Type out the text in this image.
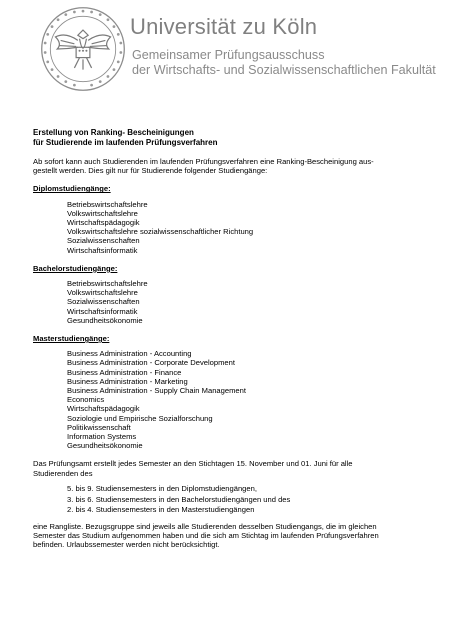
Universität zu Köln
Gemeinsamer Prüfungsausschuss
der Wirtschafts- und Sozialwissenschaftlichen Fakultät
Erstellung von Ranking- Bescheinigungen
für Studierende im laufenden Prüfungsverfahren

Ab sofort kann auch Studierenden im laufenden Prüfungsverfahren eine Ranking-Bescheinigung aus-

gestellt werden. Dies gilt nur für Studierende folgender Studiengänge:

Diplomstudiengänge:

Betriebswirtschaftslehre
Volkswirtschaftslehre
Wirtschaftspädagogik
Volkswirtschaftslehre sozialwissenschaftlicher Richtung
Sozialwissenschaften
Wirtschaftsinformatik

Bachelorstudiengänge:

Betriebswirtschaftslehre
Volkswirtschaftslehre
Sozialwissenschaften
Wirtschaftsinformatik
Gesundheitsökonomie

Masterstudiengänge:

Business Administration - Accounting
Business Administration - Corporate Development
Business Administration - Finance
Business Administration - Marketing
Business Administration - Supply Chain Management
Economics
Wirtschaftspädagogik
Soziologie und Empirische Sozialforschung
Politikwissenschaft
Information Systems
Gesundheitsökonomie

Das Prüfungsamt erstellt jedes Semester an den Stichtagen 15. November und 01. Juni für alle

Studierenden des

5. bis 9. Studiensemesters in den Diplomstudiengängen,
3. bis 6. Studiensemesters in den Bachelorstudiengängen und des
2. bis 4. Studiensemesters in den Masterstudiengängen

eine Rangliste. Bezugsgruppe sind jeweils alle Studierenden desselben Studiengangs, die im gleichen

Semester das Studium aufgenommen haben und die sich am Stichtag im laufenden Prüfungsverfahren

befinden. Urlaubssemester werden nicht berücksichtigt.
